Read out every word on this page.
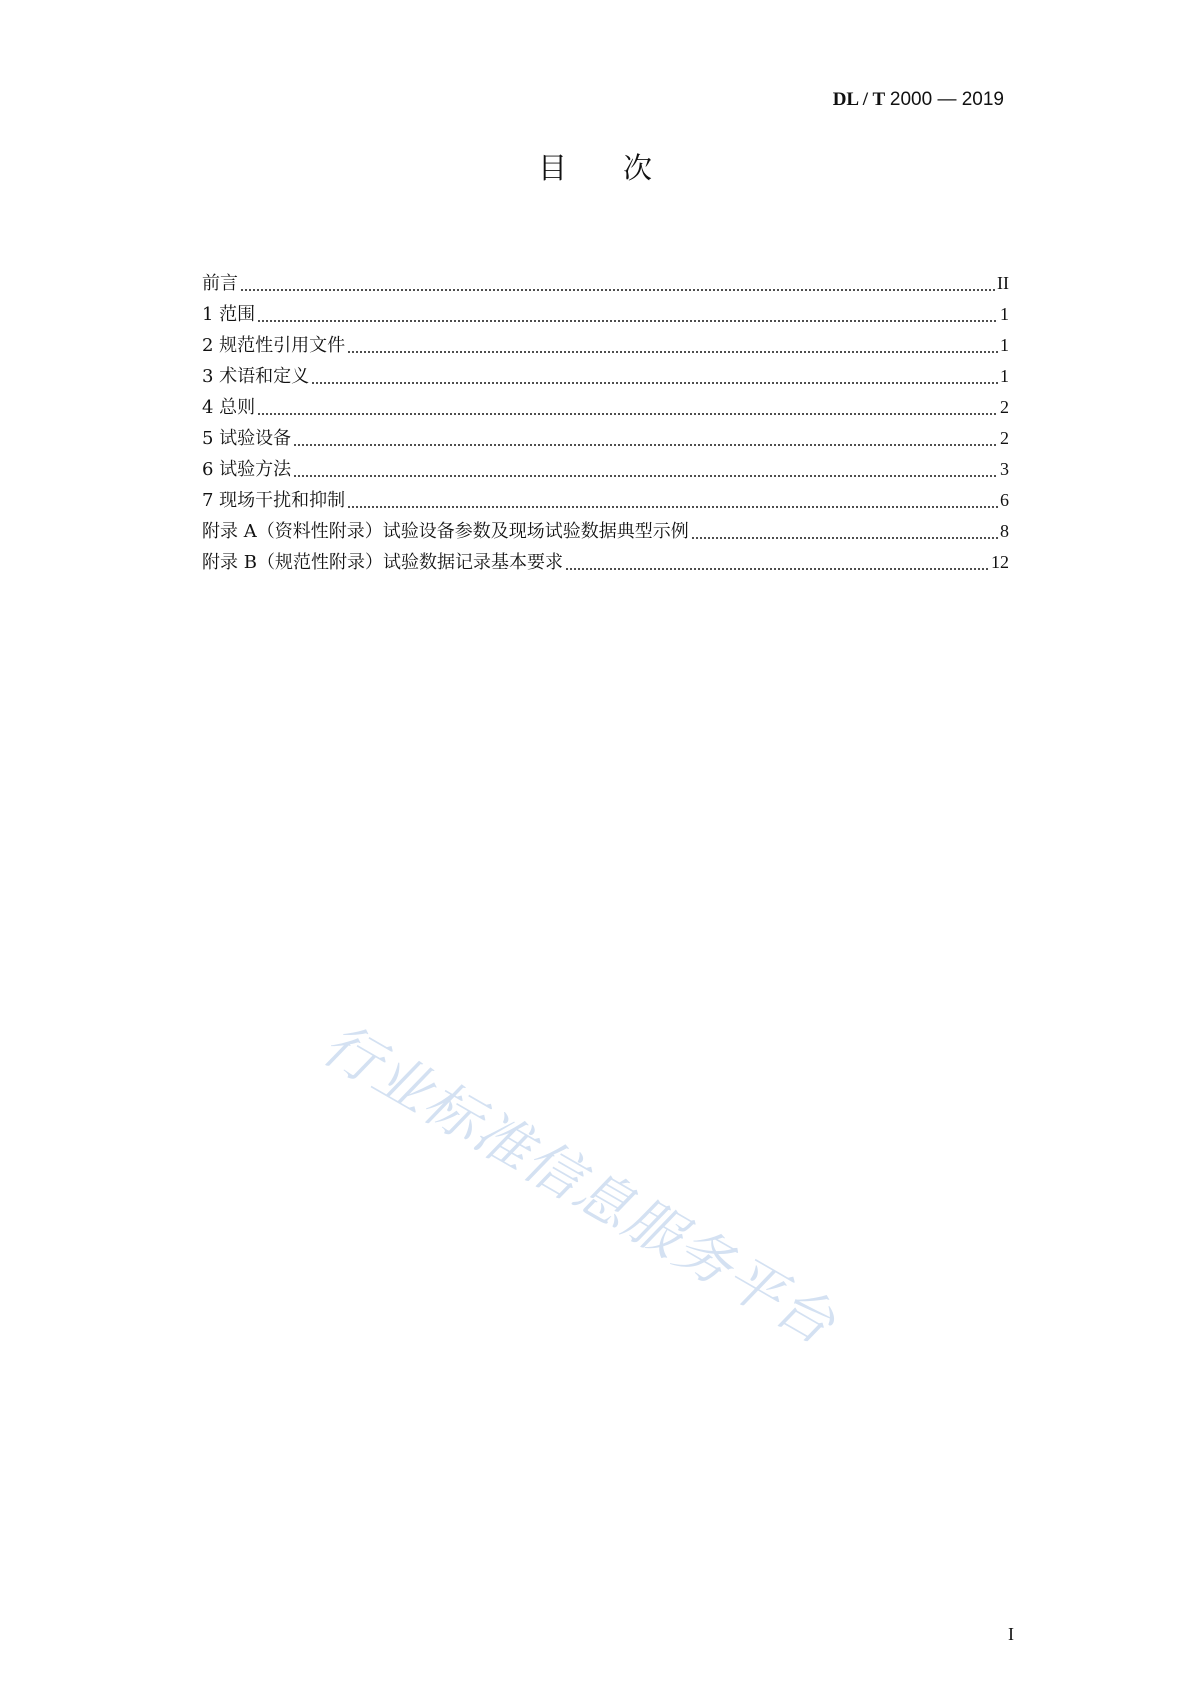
DL / T 2000 — 2019
目 次
前言	II
1 范围	1
2 规范性引用文件	1
3 术语和定义	1
4 总则	2
5 试验设备	2
6 试验方法	3
7 现场干扰和抑制	6
附录 A（资料性附录）试验设备参数及现场试验数据典型示例	8
附录 B（规范性附录）试验数据记录基本要求	12
行业标准信息服务平台
I
